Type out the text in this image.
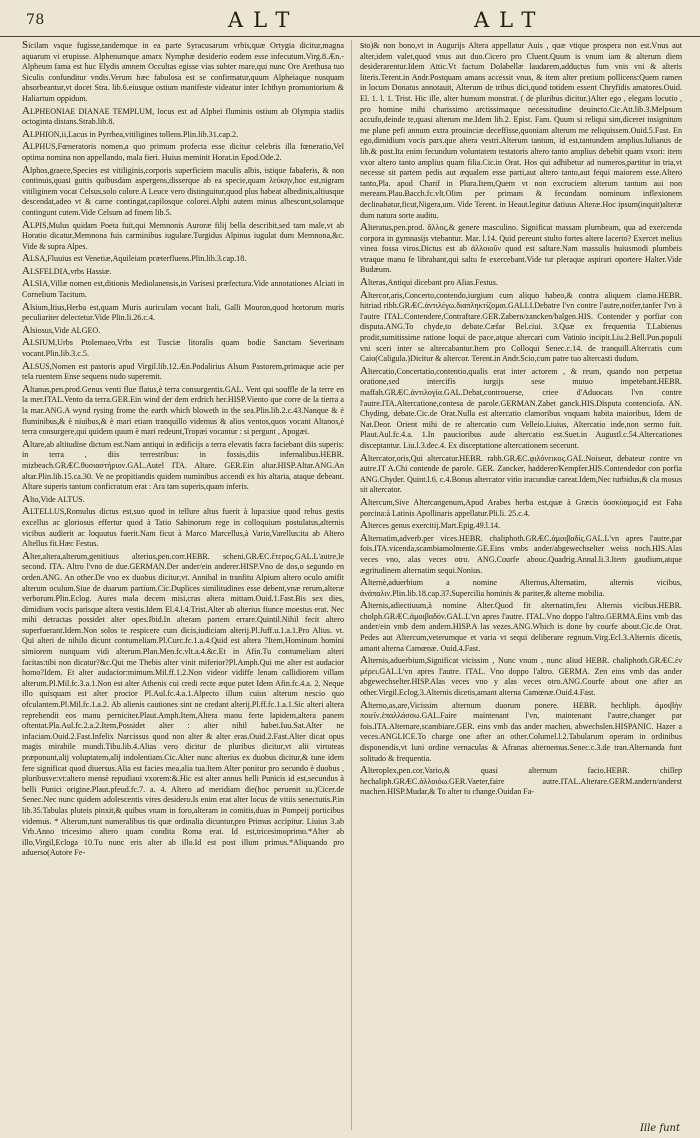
78	ALT	ALT

Sicilam vsque fugisse,tandemque in ea parte Syracusarum vrbis,quæ Ortygia dicitur,magna aquarum vi erupisse. Alphenumque amarx Nymphæ desiderio eodem esse infecutum.Virg.8.Æn.-Alpheum fama est huc Elydis amnem Occultas egisse vias subter mare,qui nunc Ore Arethusa tuo Siculis confunditur vndis.Verum hæc fabulosa est se confirmatur,quum Alpheiaque nusquam absorbeantur,vt docet Stra. lib.6.eiusque ostium manifeste videatur inter Ichthyn promontorium & Haliartum oppidum.

ALPHEONIAE DIANAE TEMPLUM, locus est ad Alphei fluminis ostium ab Olympia stadiis octoginta distans.Strab.lib.8.

ALPHION,ii,Lacus in Pyrrhea,vitiligines tollens.Plin.lib.31.cap.2.

ALPHUS,Fœneratoris nomen,a quo primum profecta esse dicitur celebris illa fœneratio,Vel optima nomina non appellando, mala fieri. Huius meminit Horat.in Epod.Ode.2.

Alphos,graece,Species est vitiliginis,corporis superficiem maculis albis, istique fabaferis, & non continuis,quasi guttis quibusdam aspergens,disserque ab ea specie,quam λεύκην,hoc est,nigram vitiliginem vocat Celsus,solo colore.A Leuce vero distinguitur,quod plus habeat albedinis,altiusque descendat,adeo vt & carne contingat,capilosque colorei.Alphi autem minus albescunt,solamque contingunt cutem.Vide Celsum ad finem lib.5.

ALPIS,Mulus quidam Poeta fuit,qui Memnonis Auroræ filij bella describit,sed tam male,vt ab Horatio dicatur,Memnona fuis carminibus iugulare.Turgidus Alpinus iugulat dum Memnona,&c. Vide & supra Alpes.

ALSA,Fluuius est Venetiæ,Aquileiam præterfluens.Plin.lib.3.cap.18.

ALSFELDIA,vrbs Hassiæ.

ALSIA,Villæ nomen est,ditionis Mediolanensis,in Varisesi præfectura.Vide annotationes Alciati in Cornelium Tacitum.

Alsium,Itius,Herba est,quam Muris auriculam vocant Itali, Galli Mouron,quod hortorum muris peculiariter delectetur.Vide Plin.li.26.c.4.

Alsiosus,Vide ALGEO.

ALSIUM,Urbs Ptolemaeo,Vrbs est Tusciæ litoralis quam hodie Sanctam Severinam vocant.Plin.lib.3.c.5.

ALSUS,Nomen est pastoris apud Virgil.lib.12.Æn.Podalirius Alsum Pastorem,primaque acie per tela ruentem Ense sequens nudo superemit.

Altanus,pen.prod.Genus venti flue flatus,è terra consurgentis.GAL. Vent qui souffle de la terre en la mer.ITAL.Vento da terra.GER.Ein wind der dem erdrich her.HISP.Viento que corre de la tierra a la mar.ANG.A wynd rysing frome the earth which bloweth in the sea.Plin.lib.2.c.43.Nanque & è fluminibus,& è niuibus,& è mari etiam tranquillo videmus & alios ventos,quos vocant Altanos,è terra consurgere,qui quidem quum è mari redeunt,Tropæi vocantur : si pergunt , Apogæi.

Altare,ab altitudine dictum est.Nam antiqui in ædificijs a terra elevatis facra faciebant diis superis: in terra , diis terrestribus: in fossis,diis infernalibus.HEBR. mizbeach.GRÆC.θυσιαστήριον.GAL.Autel ITA. Altare. GER.Ein altar.HISP.Altar.ANG.An altar.Plin.lib.15.ca.30. Ve ne propitiandis quidem numinibus accendi ex his altaria, ataque debeant. Altare superis tantum conficratum erat : Ara tam superis,quam inferis.

Alto,Vide ALTUS.

ALTELLUS,Romulus dictus est,suo quod in tellure altus fuerit à lupa:siue quod rebus gestis excellus ac gloriosus effertur quod à Tatio Sabinorum rege in colloquium postulatus,alternis vicibus audierit ac loquutus fuerit.Nam ficut à Marco Marcellus,à Vario,Varellus:ita ab Altero Altellus fit.Hæc Festus.

Alter,altera,alterum,genitiuus alterius,pen.corr.HEBR. scheni.GRÆC.ἕτερος.GAL.L'autre,le second. ITA. Altro l'vno de due.GERMAN.Der ander/ein anderer.HISP.Vno de dos,o segundo en orden.ANG. An other.De vno ex duobus dicitur,vt. Annibal in tranfitu Alpium altero oculo amifit alterum oculum.Siue de duarum partium.Cic.Duplices similitudines esse debent,vnæ rerum,alteræ verborum.Plin.Eclog. Aures mala decem misi,cras altera mittam.Ouid.1.Fast.Bis sex dies, dimidium vocis parisque altera vestis.Idem El.4.l.4.Trist.Alter ab alterius fiunce moestus erat. Nec mihi detractas possidet alter opes.Ibid.In alteram partem errare.Quintil.Nihil fecit altero superfuerant.Idem.Non solos te respicere cum dicis,iudiciam alterij.Pl.Juff.u.1.a.1.Pro Alius. vt. Qui alteri de nihilo dicunt contumeliam.Pl.Curc.fc.1.a.4.Quid est altera ?Item,Hominum homini simiorem nunquam vidi alterum.Plan.Men.fc.vlt.a.4.&c.Et in Afin.Tu contumeliam alteri facitas:tibi non dicatur?&c.Qui me Thebis alter vinit miferior?Pl.Amph.Qui me alter est audacior homo?Idem. Et alter audacior:mimum.Mil.ff.1.2.Non videor vidiffe lenam callidiorem villam alterum.Pl.Mil.fc.3.a.1.Non est alter Athenis cui credi recte æque putet Idem Afin.fc.4.a. 2. Neque illo quisquam est alter procior Pl.Aul.fc.4.a.1.Alpecto illum cuius alterum nescio quo ofculantem.Pl.Mil.fc.1.a.2. Ab alienis cautiones sint ne credant alterij.Pl.ff.fc.1.a.1.Sic alteri altera reprehendit eos manu perniciter.Plaut.Amph.Item,Altera manu ferte lapidem,altera panem oftentat.Pla.Aul.fc.2.a.2.Item,Possidet alter : alter nihil habet.Iuu.Sat.Alter ne infaciam.Ouid.2.Fast.Infelix Narcissus quod non alter & alter eras.Ouid.2.Fast.Alter dicat opus magis mirabile mundi.Tibu.lib.4.Alias vero dicitur de pluribus dicitur,vt alii virtuteas præponunt,alij voluptatem,alij indolentiam.Cic.Alter nunc alterius ex duobus dicitur,& tune idem fere significat quod diuersus.Alia est facies mea,alia tua.Item Alter ponitur pro secundo è duobus , pluribusve:vt:altero mensè repudiaui vxorem:&.Hic est alter annus belli Punicis id est,secundus à belli Punici origine.Plaut.pfeud.fc.7. a. 4. Altero ad meridiam die(hoc peruenit su.)Cicer.de Senec.Nec nunc quidem adolescentis vires desidero.Is enim erat alter locus de vitiis senectutis.P.in lib.35.Tabulas pluteis pinxit,& quibus vnam in foro,alteram in comitis,duas in Pompeij porticibus videmus. * Alterum,tunt numeralibus tis quæ ordinalia dicuntur,pro Primus accipitur. Liuius 3.ab Vrb.Anno tricesimo altero quam condita Roma erat. Id est,tricesimoprimo.*Alter ab illo,Virgil,Ecloga 10.Tu nunc eris alter ab illo.Id est post illum primus.*Aliquando pro aduerso(Autore Fe-

sto)& non bono,vt in Augurijs Altera appellatur Auis , quæ vtique prospera non est.Vnus aut alter,idem valet,quod vnus aut duo.Cicero pro Cluent.Quum is vnum iam & alterum diem desiderarentur.Idem Attic.Vt factum Dolabellæ laudarem,adductus fum vnis vni & alteris literis.Terent.in Andr.Postquam amans accessit vnus, & item alter pretium pollicens:Quem ramen in locum Donatus annotauit, Alterum de tribus dici,quod totidem essent Chryfidis amatores.Ouid. El. 1. l. 1. Trist. Hic ille, alter humum monstrat. ( de pluribus dicitur.)Alter ego , elegans locutio , pro homine mihi charissimo arctissimaque necessitudine deuincto.Cic.Att.lib.3.Melpsum accufo,deinde te,quasi alterum me.Idem lib.2. Epist. Fam. Quum si reliqui sim,diceret insignitum me plane pefi annum extra prouinciæ deceffisse,quoniam alterum me reliquissem.Ouid.5.Fast. En ego,dimidium vocis pars.que altera vestri.Alterum tantum, id est,tantundem amplius.Iulianus de lib.& post.Ita enim fecundum voluntatem testatoris altero tanto amplius debebit quam vxori: item vxor altero tanto amplius quam filia.Cic.in Orat. Hos qui adhibetur ad numeros,partitur in tria,vt necesse sit partem pedis aut æqualem esse parti,aut altero tanto,aut fequi maiorem esse.Altero tanto,Pla. apud Charif in Plura.Item,Quem vt non excruciem alterum tantum aui non meream.Plau.Bacch.fc.vlt.Olim per primam & fecundam nominum inflexionem declinabatur,ficut,Nigera,um. Vide Terent. in Heaut.legitur datiuus Alteræ.Hoc ipsum(inquit)alteræ dum natura sorte auditu.

Alteratus,pen.prod. ἄλλος,& genere masculino. Significat massam plumbeam, qua ad exercenda corpora in gymnasijs vtebantur. Mar. l.14. Quid pereunt stulto fortes altere lacerto? Exercet melius vinea fossa viros.Dictus est ab ἀλλοιοῦν quod est saltare.Nam massulis huiusmodi plumbeis vtraque manu fe librabant,qui saltu fe exercebant.Vide tur pleraque aspirari oportere Halter.Vide Budæum.

Alteras,Antiqui dicebant pro Alias.Festus.

Altercor,aris,Concerto,contendo,iurgium cum aliquo habeo,& contra aliquem clamo.HEBR. hitriad ribh.GRÆC.ἀντιλέγω.διαπληκτίζομαι.GALLI.Debatre l'vn contre l'autre,noifer,tanfer l'vn à l'autre ITAL.Contendere,Contraftare.GER.Zabern/zancken/balgen.HIS. Contender y porfiar con disputa.ANG.To chyde,to debate.Cæfar Bel.ciui. 3.Quæ ex frequentia T.Labienus prodit,sumitissime ratione loqui de pace,atque altercari cum Vatinio incipit.Liu.2.Bell.Pun.populi vni sceri inter se altercabantur.Item pro Colloqui Senec.c.14. de tranquill.Altercatis cum Caio(Caligula.)Dicitur & altercor. Terent.in Andr.Scio,cum patre tuo altercasti dudum.

Altercatio,Concertatio,contentio,qualis erat inter actorem , & reum, quando non perpetua oratione,sed intercifis iurgijs sese mutuo impetebant.HEBR. maffah.GRÆC.ἀντιλογία.GAL.Debat,controuerse, criee d'Aduocats l'vn contre l'autre.ITA.Altercatione,contesa de parole.GERMAN.Zabet ganck.HIS.Disputa contenciofa. AN. Chyding, debate.Cic.de Orat.Nulla est altercatio clamoribus vnquam habita maioribus, Idem de Nat.Deor. Orient mihi de re altercatio cum Velleio.Liuius, Altercatio inde,non sermo fuit. Plaut.Aul.fc.4.a. 1.In paucioribus aude altercatio est.Suet.in Augustl.c.54.Altercationes disceptantur. Liu.l.3.dec.4. Ex disceptatione altercationem secerunt.

Altercator,oris,Qui altercatur.HEBR. rabh.GRÆC.φιλόνεικος.GAL.Noiseur, debateur contre vn autre.IT A.Chi contende de parole. GER. Zancker, hadderer/Kempfer.HIS.Contendedor con porfia ANG.Chyder. Quint.l.6. c.4.Bonus altercator vitio iracundiæ careat.Idem,Nec turbidus,& cla mosus sit altercator.

Altercum,Sive Altercangenum,Apud Arabes herba est,quæ à Græcis ὑοσκύαμος,id est Faba porcina:à Latinis Apollinaris appellatur.Pli.li. 25.c.4.

Alterces genus exercitij.Mart.Epig.49.l.14.

Alternatim,adverb.per vices.HEBR. chaliphoth.GRÆC.ἀμοιβαδίς.GAL.L'vn apres l'autre,par fois.ITA.vicenda,scambiamolmente.GE.Eins vmbs ander/abgewechselter weiss noch.HIS.Alas veces vno, alas veces otro. ANG.Courfe abouc.Quadrig.Annal.li.3.Item gaudium,atque ægritudinem alternatim sequi.Nonius.

Alternè,aduerbium a nomine Alternus,Alternatim, alternis vicibus, ἀνάπαλιν.Plin.lib.18.cap.37.Supercilia hominis & pariter,& alterne mobilia.

Alternis,adiectiuum,à nomine Alter.Quod fit alternatim,feu Alternis vicibus.HEBR. cholph.GRÆC.ἀμοιβαδόν.GAL.L'vn apres l'autre. ITAL.Vno doppo l'altro.GERMA.Eins vmb das ander/ein vmb dem andern.HISP.A las vezes.ANG.Which is done by courfe about.Cic.de Orat. Pedes aut Altercum,veterumque et varia vt sequi deliberare regnum.Virg.Ecl.3.Alternis dicetis, amant alterna Camœnæ. Ouid.4.Fast.

Alternis,aduerbium,Significat vicissim , Nunc vnum , nunc aliud HEBR. chaliphoth.GRÆC.ἐν μέρει.GAL.L'vn apres l'autre. ITAL. Vno doppo l'altro. GERMA. Zen eins vmb das ander abgewechselter.HISP.Alas veces vno y alas veces otro.ANG.Courfe about one after an other.Virgil.Eclog.3.Alternis dicetis,amant alterna Camœnæ.Ouid.4.Fast.

Alterno,as,are,Vicissim alternum duorum ponere. HEBR. hechliph. ἀμοιβὴν ποιεῖν.ἐπαλλάσσω.GAL.Faire maintenant l'vn, maintenant l'autre,changer par fois.ITA.Alternare,scambiare.GER. eins vmb das ander machen, abwechslen.HISPANIC. Hazer a veces.ANGLICE.To charge one after an other.Columel.l.2.Tabularum operam in ordinibus disponendis,vt Iuni ordine vernaculas & Afranas alternemus.Senec.c.3.de tran.Alternanda funt solitudo & frequentia.

Alteroplex,pen.cor.Vario,& quasi alternum facio.HEBR. chillep hechaliph.GRÆC.ἀλλοιόω.GER.Vaeter,faire autre.ITAL.Alterare.GERM.andern/anderst machen.HISP.Mudar,& To alter to change.Ouidan Fa-

Ille funt
